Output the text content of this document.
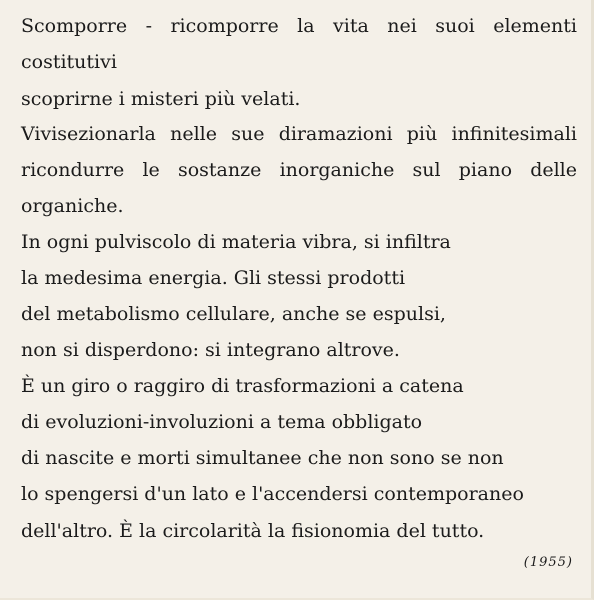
Scomporre - ricomporre la vita nei suoi elementi
costitutivi
scoprirne i misteri più velati.
Vivisezionarla nelle sue diramazioni più infinitesimali
ricondurre le sostanze inorganiche sul piano delle
organiche.
In ogni pulviscolo di materia vibra, si infiltra
la medesima energia. Gli stessi prodotti
del metabolismo cellulare, anche se espulsi,
non si disperdono: si integrano altrove.
È un giro o raggiro di trasformazioni a catena
di evoluzioni-involuzioni a tema obbligato
di nascite e morti simultanee che non sono se non
lo spengersi d'un lato e l'accendersi contemporaneo
dell'altro. È la circolarità la fisionomia del tutto.
(1955)
